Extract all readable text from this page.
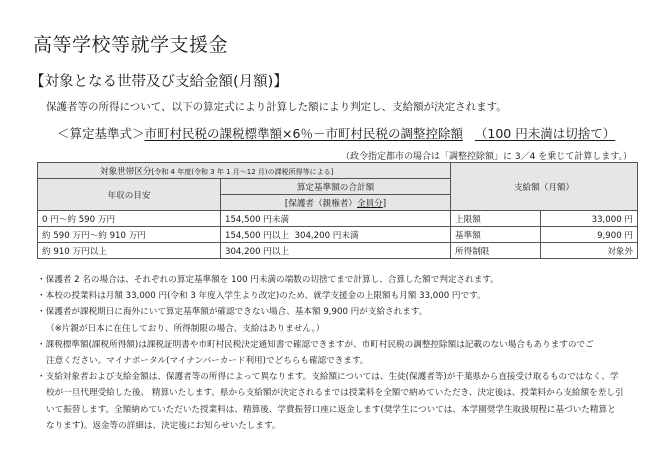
高等学校等就学支援金
【対象となる世帯及び支給金額(月額)】
保護者等の所得について、以下の算定式により計算した額により判定し、支給額が決定されます。
＜算定基準式＞市町村民税の課税標準額×6％－市町村民税の調整控除額 （100 円未満は切捨て）
（政令指定都市の場合は「調整控除額」に 3／4 を乗じて計算します。）
対象世帯区分[令和 4 年度(令和 3 年 1 月～12 月)の課税所得等による]		支給額（月額）	
年収の目安	算定基準額の合計額		
	[保護者（親権者）全員分]		
0 円～約 590 万円	154,500 円未満	上限額	33,000 円
約 590 万円～約 910 万円	154,500 円以上  304,200 円未満	基準額	9,900 円
約 910 万円以上	304,200 円以上	所得制限	対象外

・保護者 2 名の場合は、それぞれの算定基準額を 100 円未満の端数の切捨てまで計算し、合算した額で判定されます。

・本校の授業料は月額 33,000 円(令和 3 年度入学生より改定)のため、就学支援金の上限額も月額 33,000 円です。

・保護者が課税期日に海外にいて算定基準額が確認できない場合、基本額 9,900 円が支給されます。

（※片親が日本に在住しており、所得制限の場合、支給はありません。）

・課税標準額(課税所得額)は課税証明書や市町村民税決定通知書で確認できますが、市町村民税の調整控除額は記載のない場合もありますのでご

注意ください。マイナポータル(マイナンバーカード利用)でどちらも確認できます。

・支給対象者および支給金額は、保護者等の所得によって異なります。支給額については、生徒(保護者等)が千葉県から直接受け取るものではなく、学

校が一旦代理受給した後、 精算いたします。県から支給額が決定されるまでは授業料を全額で納めていただき、決定後は、授業料から支給額を差し引

いて振替します。全額納めていただいた授業料は、精算後、学費振替口座に返金します(奨学生については、本学園奨学生取扱規程に基づいた精算と

なります)。返金等の詳細は、決定後にお知らせいたします。
